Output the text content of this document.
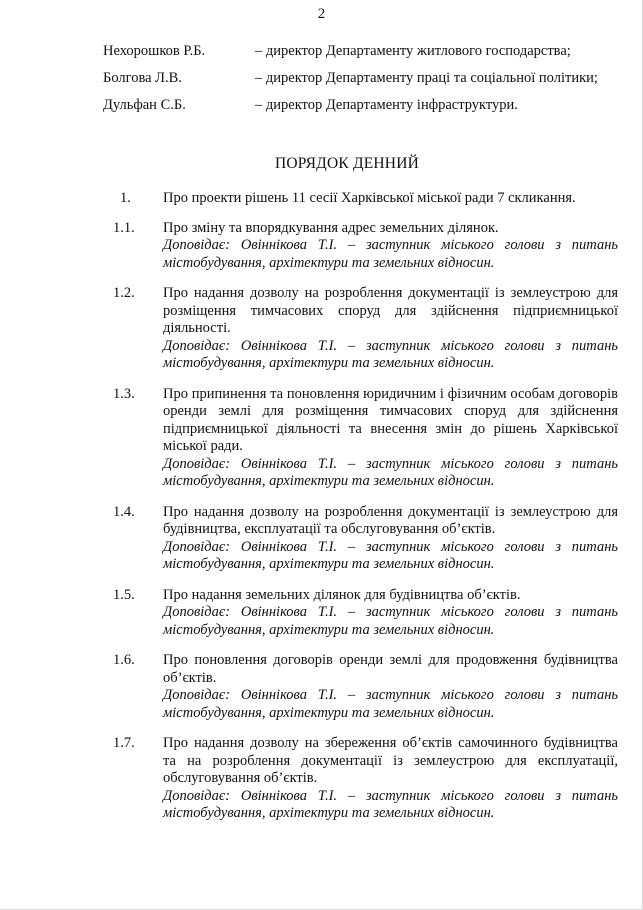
2
Нехорошков Р.Б.	– директор Департаменту житлового господарства;
Болгова Л.В.	– директор Департаменту праці та соціальної політики;
Дульфан С.Б.	– директор Департаменту інфраструктури.
ПОРЯДОК ДЕННИЙ
1. Про проекти рішень 11 сесії Харківської міської ради 7 скликання.
1.1. Про зміну та впорядкування адрес земельних ділянок.
Доповідає: Овіннікова Т.І. – заступник міського голови з питань містобудування, архітектури та земельних відносин.
1.2. Про надання дозволу на розроблення документації із землеустрою для розміщення тимчасових споруд для здійснення підприємницької діяльності.
Доповідає: Овіннікова Т.І. – заступник міського голови з питань містобудування, архітектури та земельних відносин.
1.3. Про припинення та поновлення юридичним і фізичним особам договорів оренди землі для розміщення тимчасових споруд для здійснення підприємницької діяльності та внесення змін до рішень Харківської міської ради.
Доповідає: Овіннікова Т.І. – заступник міського голови з питань містобудування, архітектури та земельних відносин.
1.4. Про надання дозволу на розроблення документації із землеустрою для будівництва, експлуатації та обслуговування об’єктів.
Доповідає: Овіннікова Т.І. – заступник міського голови з питань містобудування, архітектури та земельних відносин.
1.5. Про надання земельних ділянок для будівництва об’єктів.
Доповідає: Овіннікова Т.І. – заступник міського голови з питань містобудування, архітектури та земельних відносин.
1.6. Про поновлення договорів оренди землі для продовження будівництва об’єктів.
Доповідає: Овіннікова Т.І. – заступник міського голови з питань містобудування, архітектури та земельних відносин.
1.7. Про надання дозволу на збереження об’єктів самочинного будівництва та на розроблення документації із землеустрою для експлуатації, обслуговування об’єктів.
Доповідає: Овіннікова Т.І. – заступник міського голови з питань містобудування, архітектури та земельних відносин.
